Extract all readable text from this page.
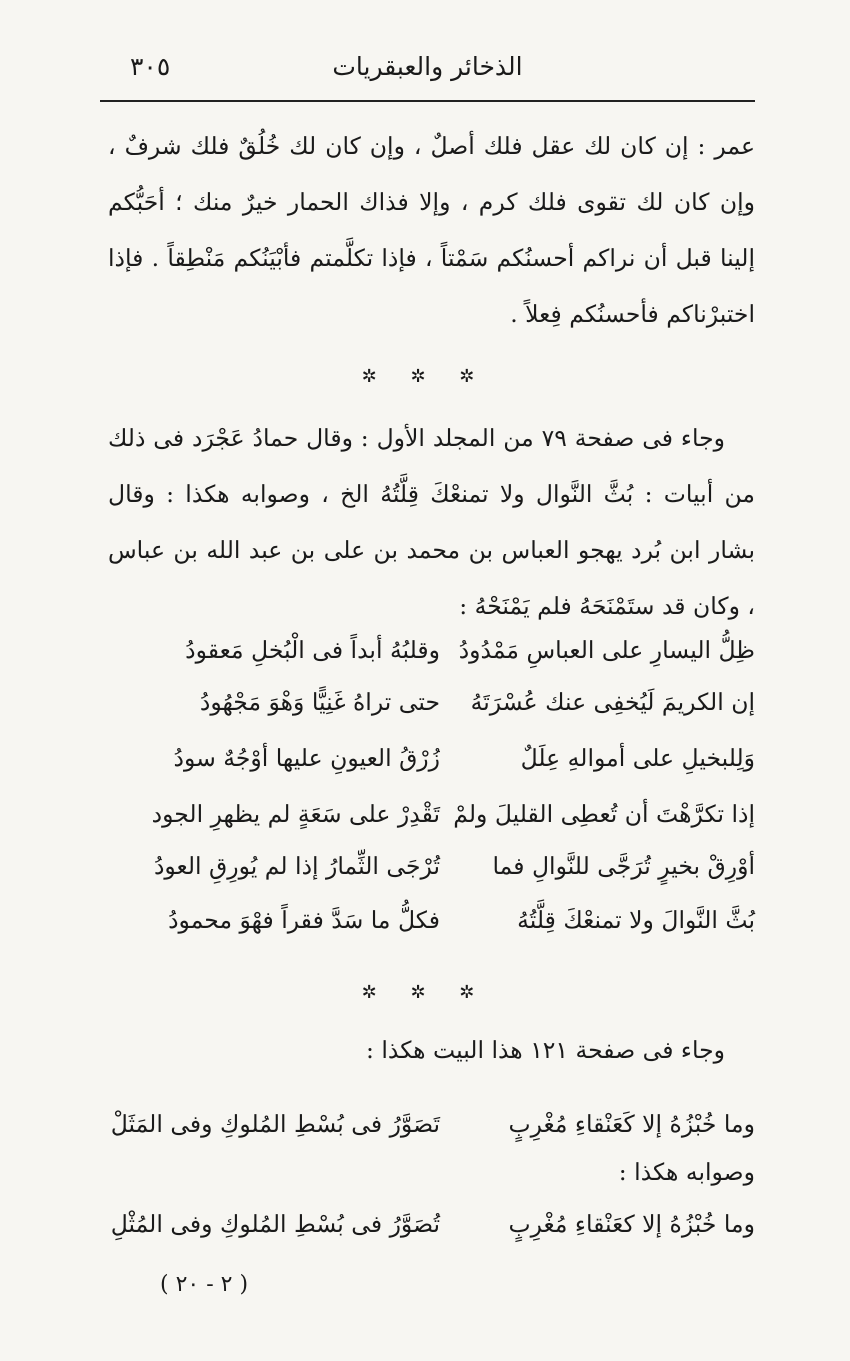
الذخائر والعبقريات
٣٠٥
عمر : إن كان لك عقل فلك أصلٌ ، وإن كان لك خُلُقٌ فلك شرفٌ ، وإن كان لك تقوى فلك كرم ، وإلا فذاك الحمار خيرٌ منك ؛ أحَبُّكم إلينا قبل أن نراكم أحسنُكم سَمْتاً ، فإذا تكلَّمتم فأبْيَنُكم مَنْطِقاً . فإذا اختبرْناكم فأحسنُكم فِعلاً .
✲ ✲ ✲
وجاء فى صفحة ٧٩ من المجلد الأول : وقال حمادُ عَجْرَد فى ذلك من أبيات : بُثَّ النَّوال ولا تمنعْكَ قِلَّتُهُ الخ ، وصوابه هكذا : وقال بشار ابن بُرد يهجو العباس بن محمد بن على بن عبد الله بن عباس ، وكان قد ستَمْنَحَهُ فلم يَمْنَحْهُ :
ظِلُّ اليسارِ على العباسِ مَمْدُودُ
وقلبُهُ أبداً فى الْبُخلِ مَعقودُ
إن الكريمَ لَيُخفِى عنك عُسْرَتَهُ
حتى تراهُ غَنِيًّا وَهْوَ مَجْهُودُ
وَلِلبخيلِ على أموالهِ عِلَلٌ
زُرْقُ العيونِ عليها أوْجُهٌ سودُ
إذا تكرَّهْتَ أن تُعطِى القليلَ ولمْ
تَقْدِرْ على سَعَةٍ لم يظهرِ الجود
أوْرِقْ بخيرٍ تُرَجَّى للنَّوالِ فما
تُرْجَى الثِّمارُ إذا لم يُورِقِ العودُ
بُثَّ النَّوالَ ولا تمنعْكَ قِلَّتُهُ
فكلُّ ما سَدَّ فقراً فهْوَ محمودُ
✲ ✲ ✲
وجاء فى صفحة ١٢١ هذا البيت هكذا :
وما خُبْزُهُ إلا كَعَنْقاءِ مُغْرِبٍ
تَصَوَّرُ فى بُسْطِ المُلوكِ وفى المَثَلْ
وصوابه هكذا :
وما خُبْزُهُ إلا كعَنْقاءِ مُغْرِبٍ
تُصَوَّرُ فى بُسْطِ المُلوكِ وفى المُثْلِ
( ٢ - ٢٠ )
